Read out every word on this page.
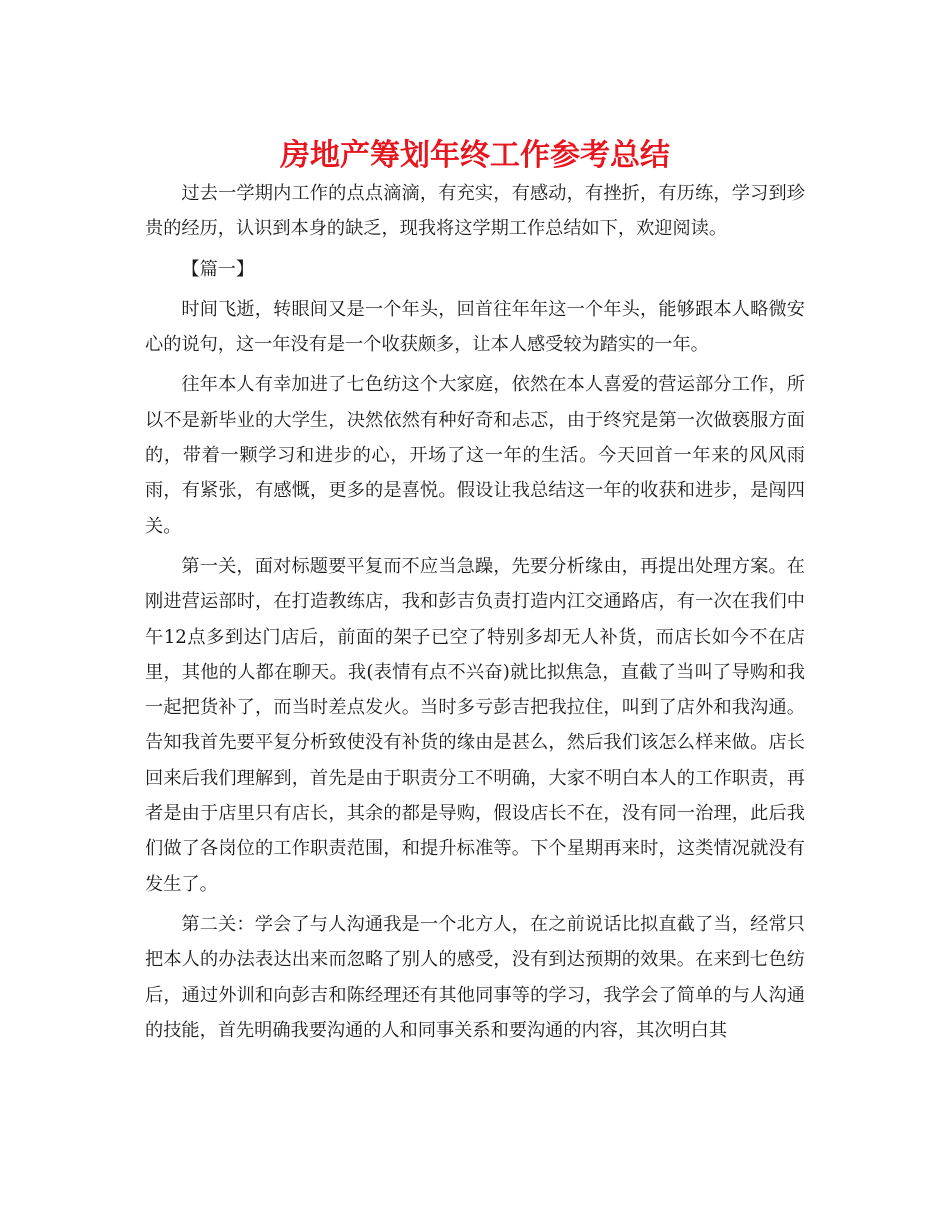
房地产筹划年终工作参考总结

过去一学期内工作的点点滴滴，有充实，有感动，有挫折，有历练，学习到珍贵的经历，认识到本身的缺乏，现我将这学期工作总结如下，欢迎阅读。

【篇一】

时间飞逝，转眼间又是一个年头，回首往年年这一个年头，能够跟本人略微安心的说句，这一年没有是一个收获颇多，让本人感受较为踏实的一年。

往年本人有幸加进了七色纺这个大家庭，依然在本人喜爱的营运部分工作，所以不是新毕业的大学生，决然依然有种好奇和忐忑，由于终究是第一次做亵服方面的，带着一颗学习和进步的心，开场了这一年的生活。今天回首一年来的风风雨雨，有紧张，有感慨，更多的是喜悦。假设让我总结这一年的收获和进步，是闯四关。

第一关，面对标题要平复而不应当急躁，先要分析缘由，再提出处理方案。在刚进营运部时，在打造教练店，我和彭吉负责打造内江交通路店，有一次在我们中午12点多到达门店后，前面的架子已空了特别多却无人补货，而店长如今不在店里，其他的人都在聊天。我(表情有点不兴奋)就比拟焦急，直截了当叫了导购和我一起把货补了，而当时差点发火。当时多亏彭吉把我拉住，叫到了店外和我沟通。告知我首先要平复分析致使没有补货的缘由是甚么，然后我们该怎么样来做。店长回来后我们理解到，首先是由于职责分工不明确，大家不明白本人的工作职责，再者是由于店里只有店长，其余的都是导购，假设店长不在，没有同一治理，此后我们做了各岗位的工作职责范围，和提升标准等。下个星期再来时，这类情况就没有发生了。

第二关：学会了与人沟通我是一个北方人，在之前说话比拟直截了当，经常只把本人的办法表达出来而忽略了别人的感受，没有到达预期的效果。在来到七色纺后，通过外训和向彭吉和陈经理还有其他同事等的学习，我学会了简单的与人沟通的技能，首先明确我要沟通的人和同事关系和要沟通的内容，其次明白其
